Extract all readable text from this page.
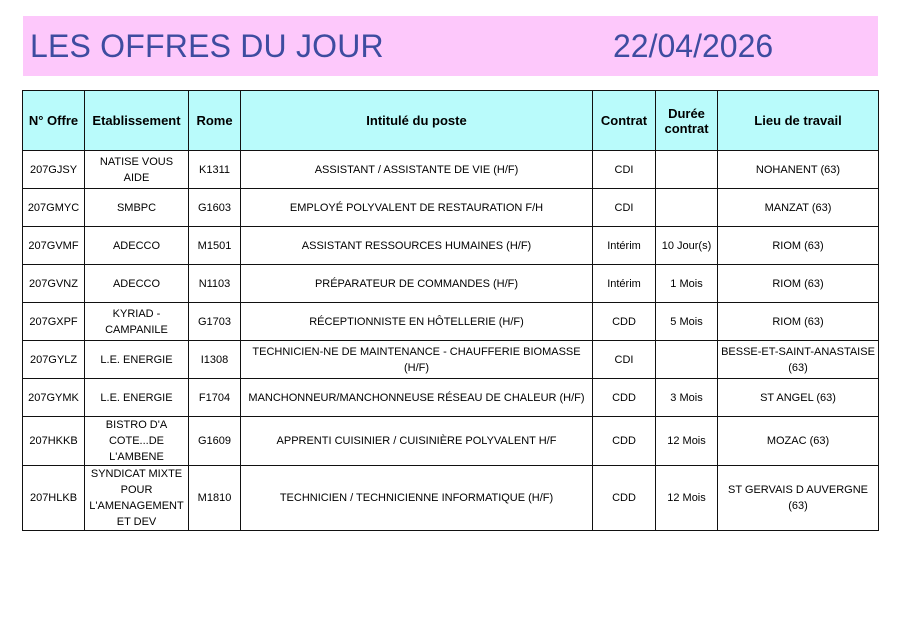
LES OFFRES DU JOUR	22/04/2026
N° Offre	Etablissement	Rome	Intitulé du poste	Contrat	Durée contrat	Lieu de travail
207GJSY	NATISE VOUS AIDE	K1311	ASSISTANT / ASSISTANTE DE VIE (H/F)	CDI		NOHANENT (63)
207GMYC	SMBPC	G1603	EMPLOYÉ POLYVALENT DE RESTAURATION F/H	CDI		MANZAT (63)
207GVMF	ADECCO	M1501	ASSISTANT RESSOURCES HUMAINES (H/F)	Intérim	10 Jour(s)	RIOM (63)
207GVNZ	ADECCO	N1103	PRÉPARATEUR DE COMMANDES (H/F)	Intérim	1 Mois	RIOM (63)
207GXPF	KYRIAD - CAMPANILE	G1703	RÉCEPTIONNISTE EN HÔTELLERIE (H/F)	CDD	5 Mois	RIOM (63)
207GYLZ	L.E. ENERGIE	I1308	TECHNICIEN-NE DE MAINTENANCE - CHAUFFERIE BIOMASSE (H/F)	CDI		BESSE-ET-SAINT-ANASTAISE (63)
207GYMK	L.E. ENERGIE	F1704	MANCHONNEUR/MANCHONNEUSE RÉSEAU DE CHALEUR (H/F)	CDD	3 Mois	ST ANGEL (63)
207HKKB	BISTRO D'A COTE...DE L'AMBENE	G1609	APPRENTI CUISINIER / CUISINIÈRE POLYVALENT H/F	CDD	12 Mois	MOZAC (63)
207HLKB	SYNDICAT MIXTE POUR L'AMENAGEMENT ET DEV	M1810	TECHNICIEN / TECHNICIENNE INFORMATIQUE (H/F)	CDD	12 Mois	ST GERVAIS D AUVERGNE (63)
